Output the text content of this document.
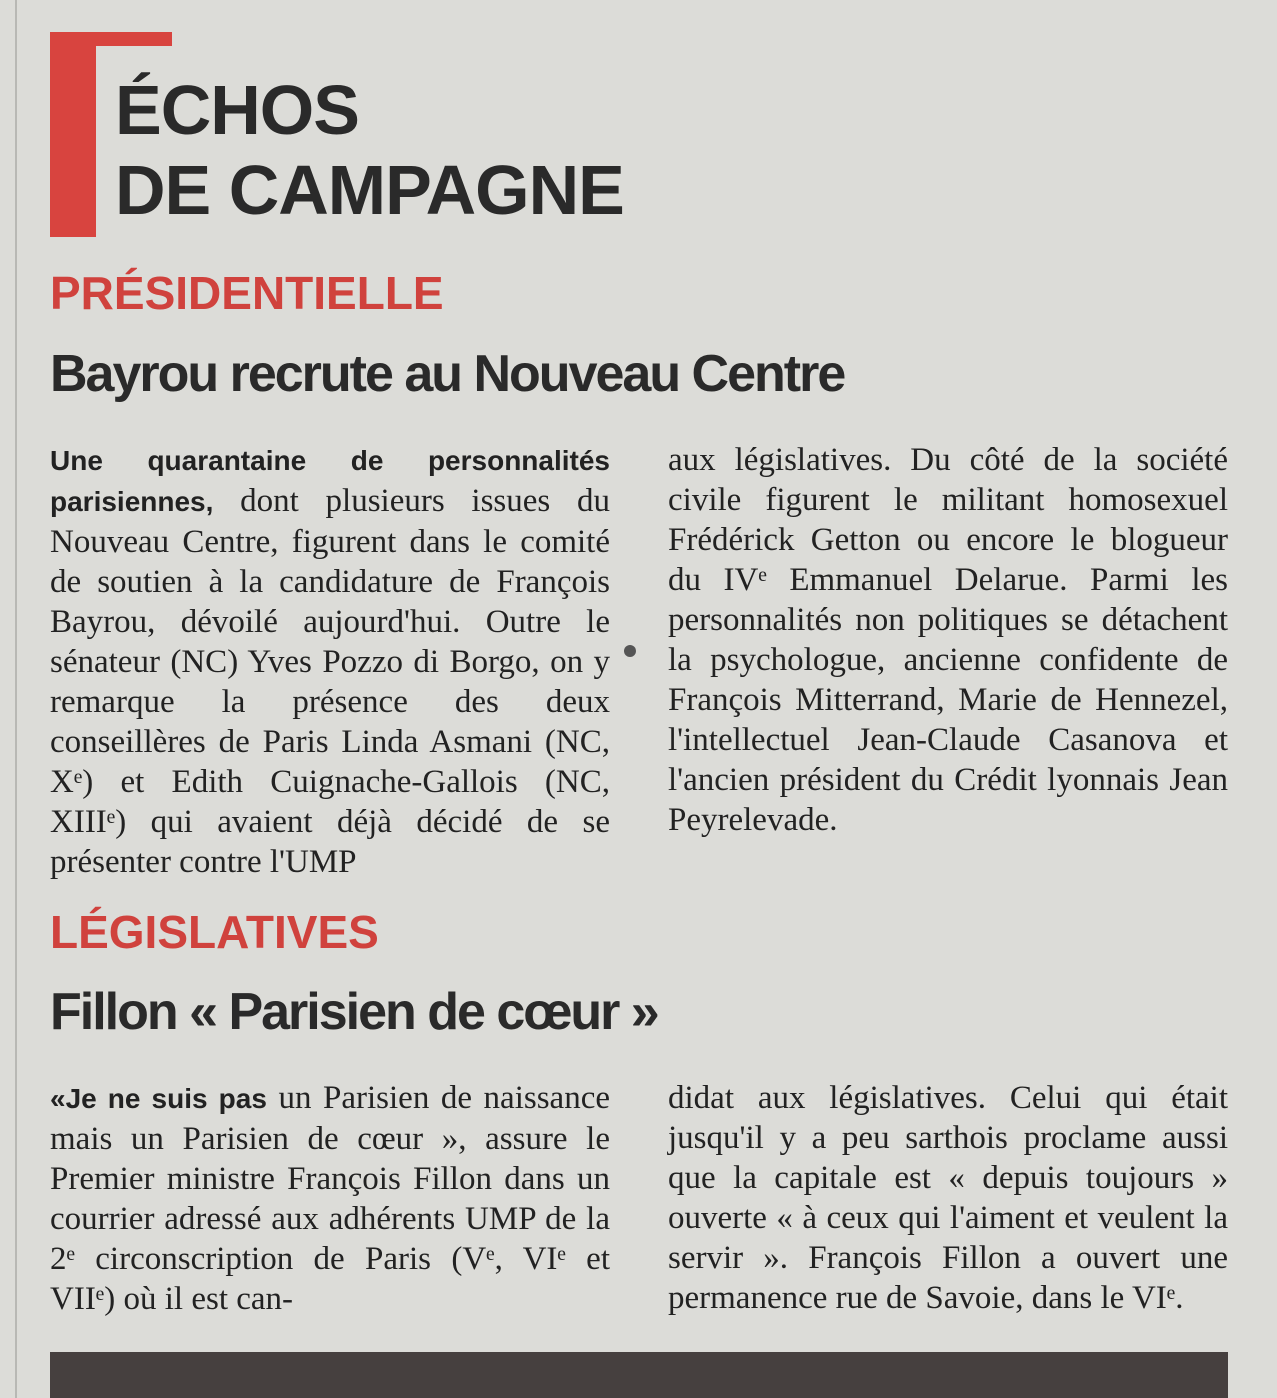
ÉCHOS
DE CAMPAGNE
PRÉSIDENTIELLE
Bayrou recrute au Nouveau Centre
Une quarantaine de personnalités parisiennes, dont plusieurs issues du Nouveau Centre, figurent dans le comité de soutien à la candidature de François Bayrou, dévoilé aujourd'hui. Outre le sénateur (NC) Yves Pozzo di Borgo, on y remarque la présence des deux conseillères de Paris Linda Asmani (NC, Xᵉ) et Edith Cuignache-Gallois (NC, XIIIᵉ) qui avaient déjà décidé de se présenter contre l'UMP
aux législatives. Du côté de la société civile figurent le militant homosexuel Frédérick Getton ou encore le blogueur du IVᵉ Emmanuel Delarue. Parmi les personnalités non politiques se détachent la psychologue, ancienne confidente de François Mitterrand, Marie de Hennezel, l'intellectuel Jean-Claude Casanova et l'ancien président du Crédit lyonnais Jean Peyrelevade.
LÉGISLATIVES
Fillon « Parisien de cœur »
«Je ne suis pas un Parisien de naissance mais un Parisien de cœur », assure le Premier ministre François Fillon dans un courrier adressé aux adhérents UMP de la 2ᵉ circonscription de Paris (Vᵉ, VIᵉ et VIIᵉ) où il est can-
didat aux législatives. Celui qui était jusqu'il y a peu sarthois proclame aussi que la capitale est « depuis toujours » ouverte « à ceux qui l'aiment et veulent la servir ». François Fillon a ouvert une permanence rue de Savoie, dans le VIᵉ.
